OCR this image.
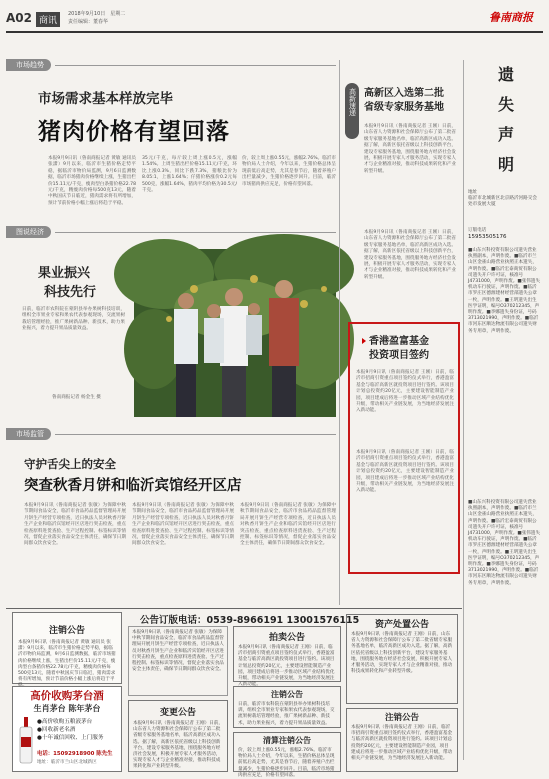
A02 商讯
2018年9月10日　星期二
责任编辑：董春华	鲁南商报
市场趋势
市场需求基本样放完毕
猪肉价格有望回落
本报9月9日讯（鲁南商报记者 黄敏 通讯员 张潇）9月以来，临沂市生猪价格走势平稳，据临沂市物价局监测，9月6日监测数据，临沂市场猪肉价格继续上涨，生猪出栏价15.11元/千克，瘦肉型白条猪价格22.78元/千克，精瘦肉价格每500克13元，随着中秋国庆节日临近，猪肉需求将有所增加，预计节前价格小幅上涨后将趋于平稳。
35元/千克，每斤较上周上涨0.5元，涨幅1.54%。上周生猪出栏价格15.11元/千克，环比上涨0.3%，同比下跌7.3%，猪粮比价为8.05:1，上涨1.64%；仔猪价格涨价0.2元每500克，涨幅1.64%，猪肉平均价格为30.5元/千克。
价，较上周上涨0.55元，涨幅2.76%。临沂市物价局人士介绍，今年以来，生猪价格总体呈现前低后高走势，尤其是春节后，随着养殖户出栏量减少，生猪价格逐步回升。目前，临沂市场猪肉供应充足，价格有望回落。
图说经济
果业振兴
科技先行
日前，临沂市农科院在蒙阴县举办果树科技培训，组织全市果业专家和果农代表参观现场，交流果树栽培管理经验，推广果树新品种、新技术，助力果业振兴，着力提升果品质量效益。
鲁南商报记者 杨金生 摄
市场监管
守护舌尖上的安全
突查秋香月饼和临沂宾馆经开区店
本报9月9日讯（鲁南商报记者 张敏）为保障中秋节期间食品安全，临沂市食品药品监督管理局开展月饼生产经营专项检查，近日执法人员对秋香月饼生产企业和临沂宾馆经开区店进行突击检查，重点检查原料进货查验、生产过程控制、标签标识等情况，督促企业落实食品安全主体责任，确保节日期间群众饮食安全。
本报9月9日讯（鲁南商报记者 张敏）为保障中秋节期间食品安全，临沂市食品药品监督管理局开展月饼生产经营专项检查，近日执法人员对秋香月饼生产企业和临沂宾馆经开区店进行突击检查，重点检查原料进货查验、生产过程控制、标签标识等情况，督促企业落实食品安全主体责任，确保节日期间群众饮食安全。
本报9月9日讯（鲁南商报记者 张敏）为保障中秋节期间食品安全，临沂市食品药品监督管理局开展月饼生产经营专项检查，近日执法人员对秋香月饼生产企业和临沂宾馆经开区店进行突击检查，重点检查原料进货查验、生产过程控制、标签标识等情况，督促企业落实食品安全主体责任，确保节日期间群众饮食安全。
高新速递 高新区入选第二批
省级专家服务基地
本报9月9日讯（鲁南商报记者 王刚）日前，山东省人力资源和社会保障厅公布了第二批省级专家服务基地名单，临沂高新区成功入选。据了解，高新区依托省级以上科技创新平台，建设专家服务基地，围绕服务地方经济社会发展，积极开展专家人才服务活动，实现专家人才与企业精准对接，推动科技成果转化和产业转型升级。
本报9月9日讯（鲁南商报记者 王刚）日前，山东省人力资源和社会保障厅公布了第二批省级专家服务基地名单，临沂高新区成功入选。据了解，高新区依托省级以上科技创新平台，建设专家服务基地，围绕服务地方经济社会发展，积极开展专家人才服务活动，实现专家人才与企业精准对接，推动科技成果转化和产业转型升级。
香港盈富基金
投资项目签约
本报9月9日讯（鲁南商报记者 王刚）日前，临沂市招商引资重点项目签约仪式举行，香港盈富基金与临沂高新区就投资项目进行签约。该项目计划总投资约20亿元，主要建设智能制造产业园，项目建成后将进一步推动区域产业结构优化升级，带动相关产业链发展，为当地经济发展注入新动能。
本报9月9日讯（鲁南商报记者 王刚）日前，临沂市招商引资重点项目签约仪式举行，香港盈富基金与临沂高新区就投资项目进行签约。该项目计划总投资约20亿元，主要建设智能制造产业园，项目建成后将进一步推动区域产业结构优化升级，带动相关产业链发展，为当地经济发展注入新动能。
遗
失
声
明
地址
临沂市北城新区北京路沂河路交会处市发展大厦
订版电话
15953505176
■山东兴科投资有限公司遗失营业执照副本，声明作废。■临沂市兰山区金雀山路营业执照正本遗失，声明作废。■临沂宏泰商贸有限公司遗失开户许可证，核准号J4731000，声明作废。■张伟遗失机动车行驶证，声明作废。■临沂市罗庄区德源建材经营部遗失公章一枚，声明作废。■王明遗失出生医学证明，编号O370212345，声明作废。■李娜遗失身份证，号码3713021990，声明作废。■临沂市河东区顺达物流有限公司遗失财务专用章，声明作废。
■山东兴科投资有限公司遗失营业执照副本，声明作废。■临沂市兰山区金雀山路营业执照正本遗失，声明作废。■临沂宏泰商贸有限公司遗失开户许可证，核准号J4731000，声明作废。■张伟遗失机动车行驶证，声明作废。■临沂市罗庄区德源建材经营部遗失公章一枚，声明作废。■王明遗失出生医学证明，编号O370212345，声明作废。■李娜遗失身份证，号码3713021990，声明作废。■临沂市河东区顺达物流有限公司遗失财务专用章，声明作废。
公告订版电话：0539-8966191 13001576115
注销公告
本报9月9日讯（鲁南商报记者 黄敏 通讯员 张潇）9月以来，临沂市生猪价格走势平稳，据临沂市物价局监测，9月6日监测数据，临沂市场猪肉价格继续上涨，生猪出栏价15.11元/千克，瘦肉型白条猪价格22.78元/千克，精瘦肉价格每500克13元，随着中秋国庆节日临近，猪肉需求将有所增加，预计节前价格小幅上涨后将趋于平
高价收购茅台酒
生肖茅台 陈年茅台
●高价收购五粮液茅台
●回收新老名酒
●十年诚信回收、上门服务
电话：15092918900 陈先生
地址：临沂市兰山区北城新区
本报9月9日讯（鲁南商报记者 张敏）为保障中秋节期间食品安全，临沂市食品药品监督管理局开展月饼生产经营专项检查，近日执法人员对秋香月饼生产企业和临沂宾馆经开区店进行突击检查，重点检查原料进货查验、生产过程控制、标签标识等情况，督促企业落实食品安全主体责任，确保节日期间群众饮食安全。
变更公告
本报9月9日讯（鲁南商报记者 王刚）日前，山东省人力资源和社会保障厅公布了第二批省级专家服务基地名单，临沂高新区成功入选。据了解，高新区依托省级以上科技创新平台，建设专家服务基地，围绕服务地方经济社会发展，积极开展专家人才服务活动，实现专家人才与企业精准对接，推动科技成果转化和产业转型升级。
拍卖公告
本报9月9日讯（鲁南商报记者 王刚）日前，临沂市招商引资重点项目签约仪式举行，香港盈富基金与临沂高新区就投资项目进行签约。该项目计划总投资约20亿元，主要建设智能制造产业园，项目建成后将进一步推动区域产业结构优化升级，带动相关产业链发展，为当地经济发展注入新动能。
注销公告
日前，临沂市农科院在蒙阴县举办果树科技培训，组织全市果业专家和果农代表参观现场，交流果树栽培管理经验，推广果树新品种、新技术，助力果业振兴，着力提升果品质量效益。
清算注销公告
价，较上周上涨0.55元，涨幅2.76%。临沂市物价局人士介绍，今年以来，生猪价格总体呈现前低后高走势，尤其是春节后，随着养殖户出栏量减少，生猪价格逐步回升。目前，临沂市场猪肉供应充足，价格有望回落。
资产处置公告
本报9月9日讯（鲁南商报记者 王刚）日前，山东省人力资源和社会保障厅公布了第二批省级专家服务基地名单，临沂高新区成功入选。据了解，高新区依托省级以上科技创新平台，建设专家服务基地，围绕服务地方经济社会发展，积极开展专家人才服务活动，实现专家人才与企业精准对接，推动科技成果转化和产业转型升级。
注销公告
本报9月9日讯（鲁南商报记者 王刚）日前，临沂市招商引资重点项目签约仪式举行，香港盈富基金与临沂高新区就投资项目进行签约。该项目计划总投资约20亿元，主要建设智能制造产业园，项目建成后将进一步推动区域产业结构优化升级，带动相关产业链发展，为当地经济发展注入新动能。
